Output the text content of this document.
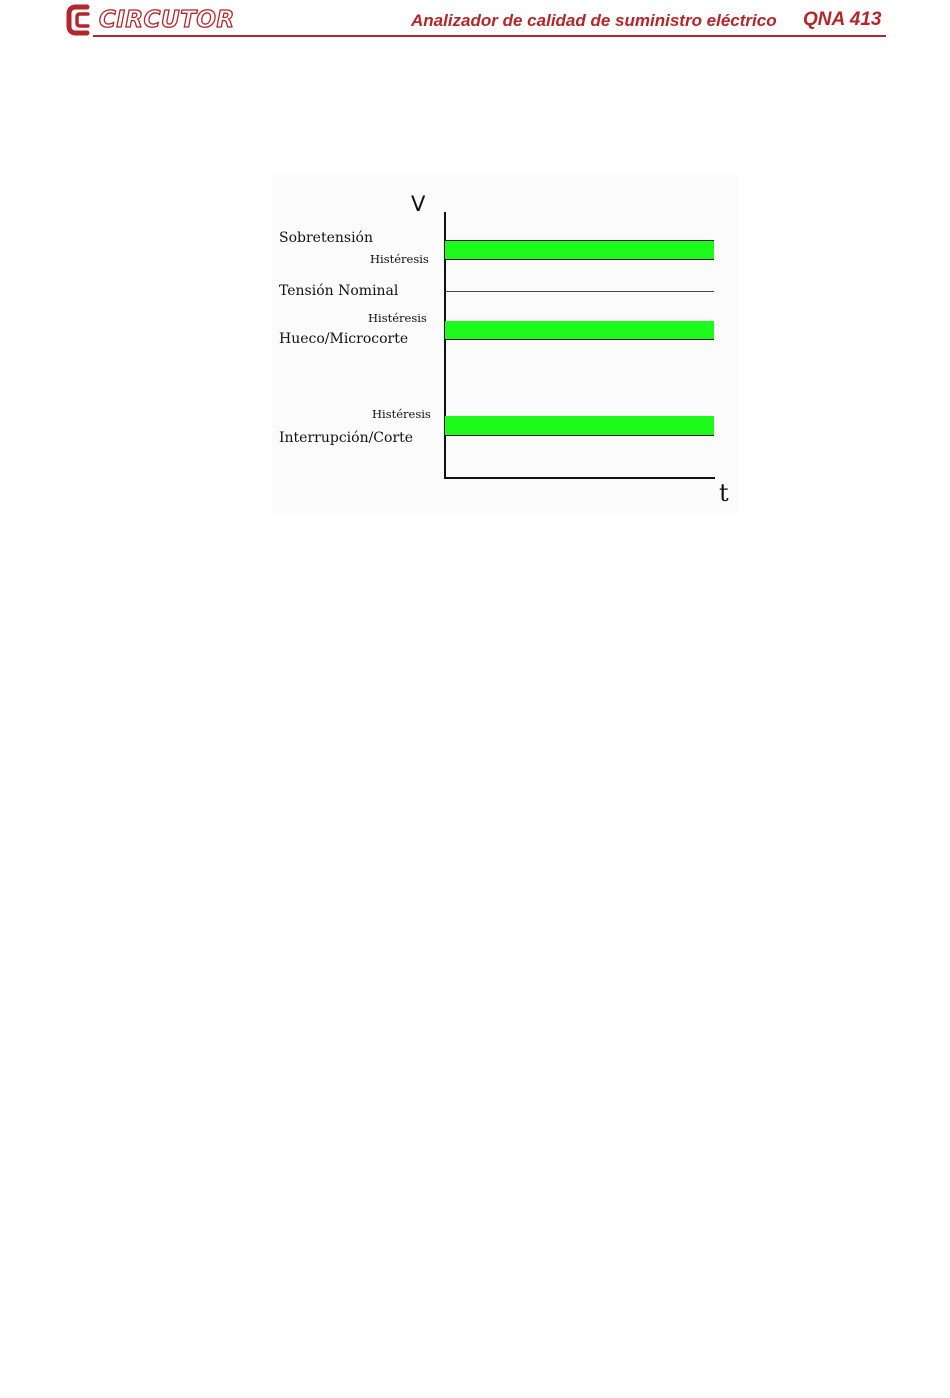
CIRCUTOR	Analizador de calidad de suministro eléctrico QNA 413
V
t
Sobretensión
Histéresis
Tensión Nominal
Histéresis
Hueco/Microcorte
Histéresis
Interrupción/Corte
